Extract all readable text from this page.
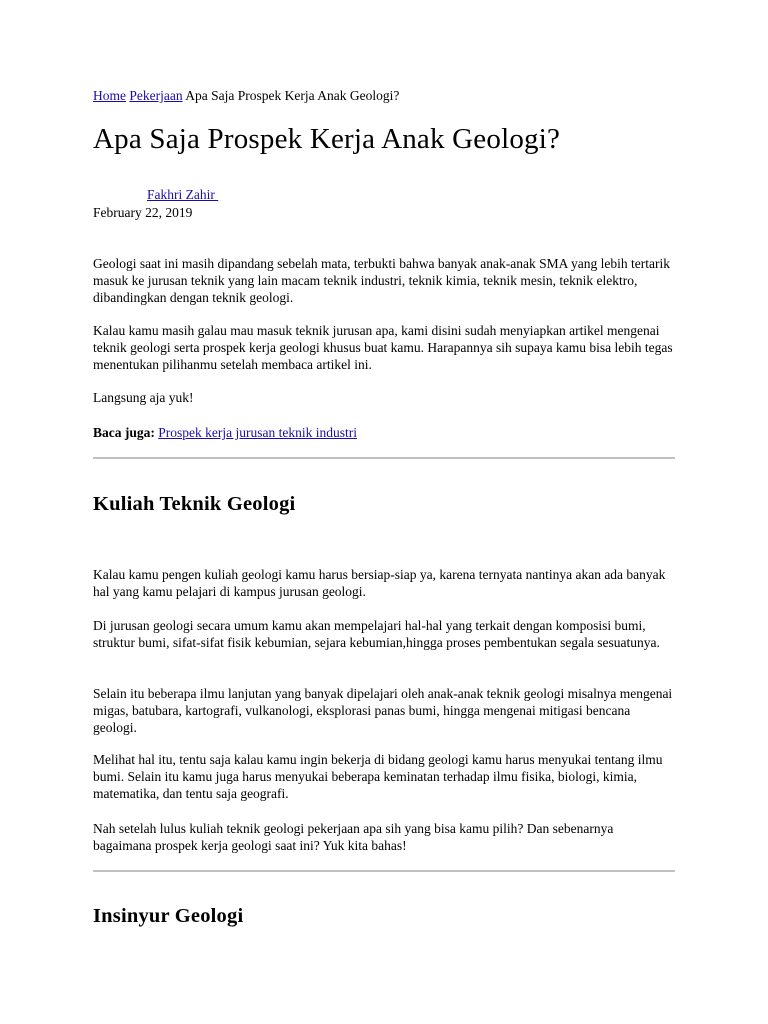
Home Pekerjaan Apa Saja Prospek Kerja Anak Geologi?
Apa Saja Prospek Kerja Anak Geologi?
Fakhri Zahir
February 22, 2019

Geologi saat ini masih dipandang sebelah mata, terbukti bahwa banyak anak-anak SMA yang lebih tertarik masuk ke jurusan teknik yang lain macam teknik industri, teknik kimia, teknik mesin, teknik elektro, dibandingkan dengan teknik geologi.

Kalau kamu masih galau mau masuk teknik jurusan apa, kami disini sudah menyiapkan artikel mengenai teknik geologi serta prospek kerja geologi khusus buat kamu. Harapannya sih supaya kamu bisa lebih tegas menentukan pilihanmu setelah membaca artikel ini.

Langsung aja yuk!

Baca juga: Prospek kerja jurusan teknik industri
Kuliah Teknik Geologi

Kalau kamu pengen kuliah geologi kamu harus bersiap-siap ya, karena ternyata nantinya akan ada banyak hal yang kamu pelajari di kampus jurusan geologi.

Di jurusan geologi secara umum kamu akan mempelajari hal-hal yang terkait dengan komposisi bumi, struktur bumi, sifat-sifat fisik kebumian, sejara kebumian,hingga proses pembentukan segala sesuatunya.

Selain itu beberapa ilmu lanjutan yang banyak dipelajari oleh anak-anak teknik geologi misalnya mengenai migas, batubara, kartografi, vulkanologi, eksplorasi panas bumi, hingga mengenai mitigasi bencana geologi.

Melihat hal itu, tentu saja kalau kamu ingin bekerja di bidang geologi kamu harus menyukai tentang ilmu bumi. Selain itu kamu juga harus menyukai beberapa keminatan terhadap ilmu fisika, biologi, kimia, matematika, dan tentu saja geografi.

Nah setelah lulus kuliah teknik geologi pekerjaan apa sih yang bisa kamu pilih? Dan sebenarnya bagaimana prospek kerja geologi saat ini? Yuk kita bahas!

Insinyur Geologi
